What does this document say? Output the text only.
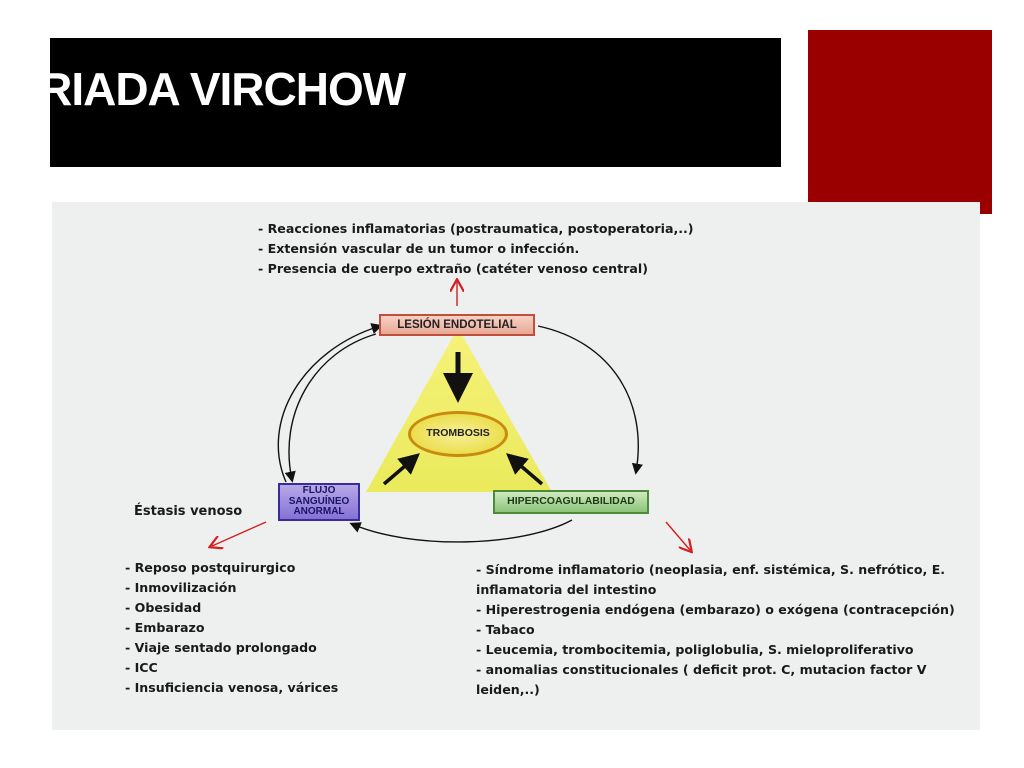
TRIADA VIRCHOW
- Reacciones inflamatorias (postraumatica, postoperatoria,..)
- Extensión vascular de un tumor o infección.
- Presencia de cuerpo extraño (catéter venoso central)
LESIÓN ENDOTELIAL
TROMBOSIS
FLUJO
SANGUÍNEO
ANORMAL
HIPERCOAGULABILIDAD
Éstasis venoso
- Reposo postquirurgico
- Inmovilización
- Obesidad
- Embarazo
- Viaje sentado prolongado
- ICC
- Insuficiencia venosa, várices
- Síndrome inflamatorio (neoplasia, enf. sistémica, S. nefrótico, E.
inflamatoria del intestino
- Hiperestrogenia endógena (embarazo) o exógena (contracepción)
- Tabaco
- Leucemia, trombocitemia, poliglobulia, S. mieloproliferativo
- anomalias constitucionales ( deficit prot. C, mutacion factor V
leiden,..)
